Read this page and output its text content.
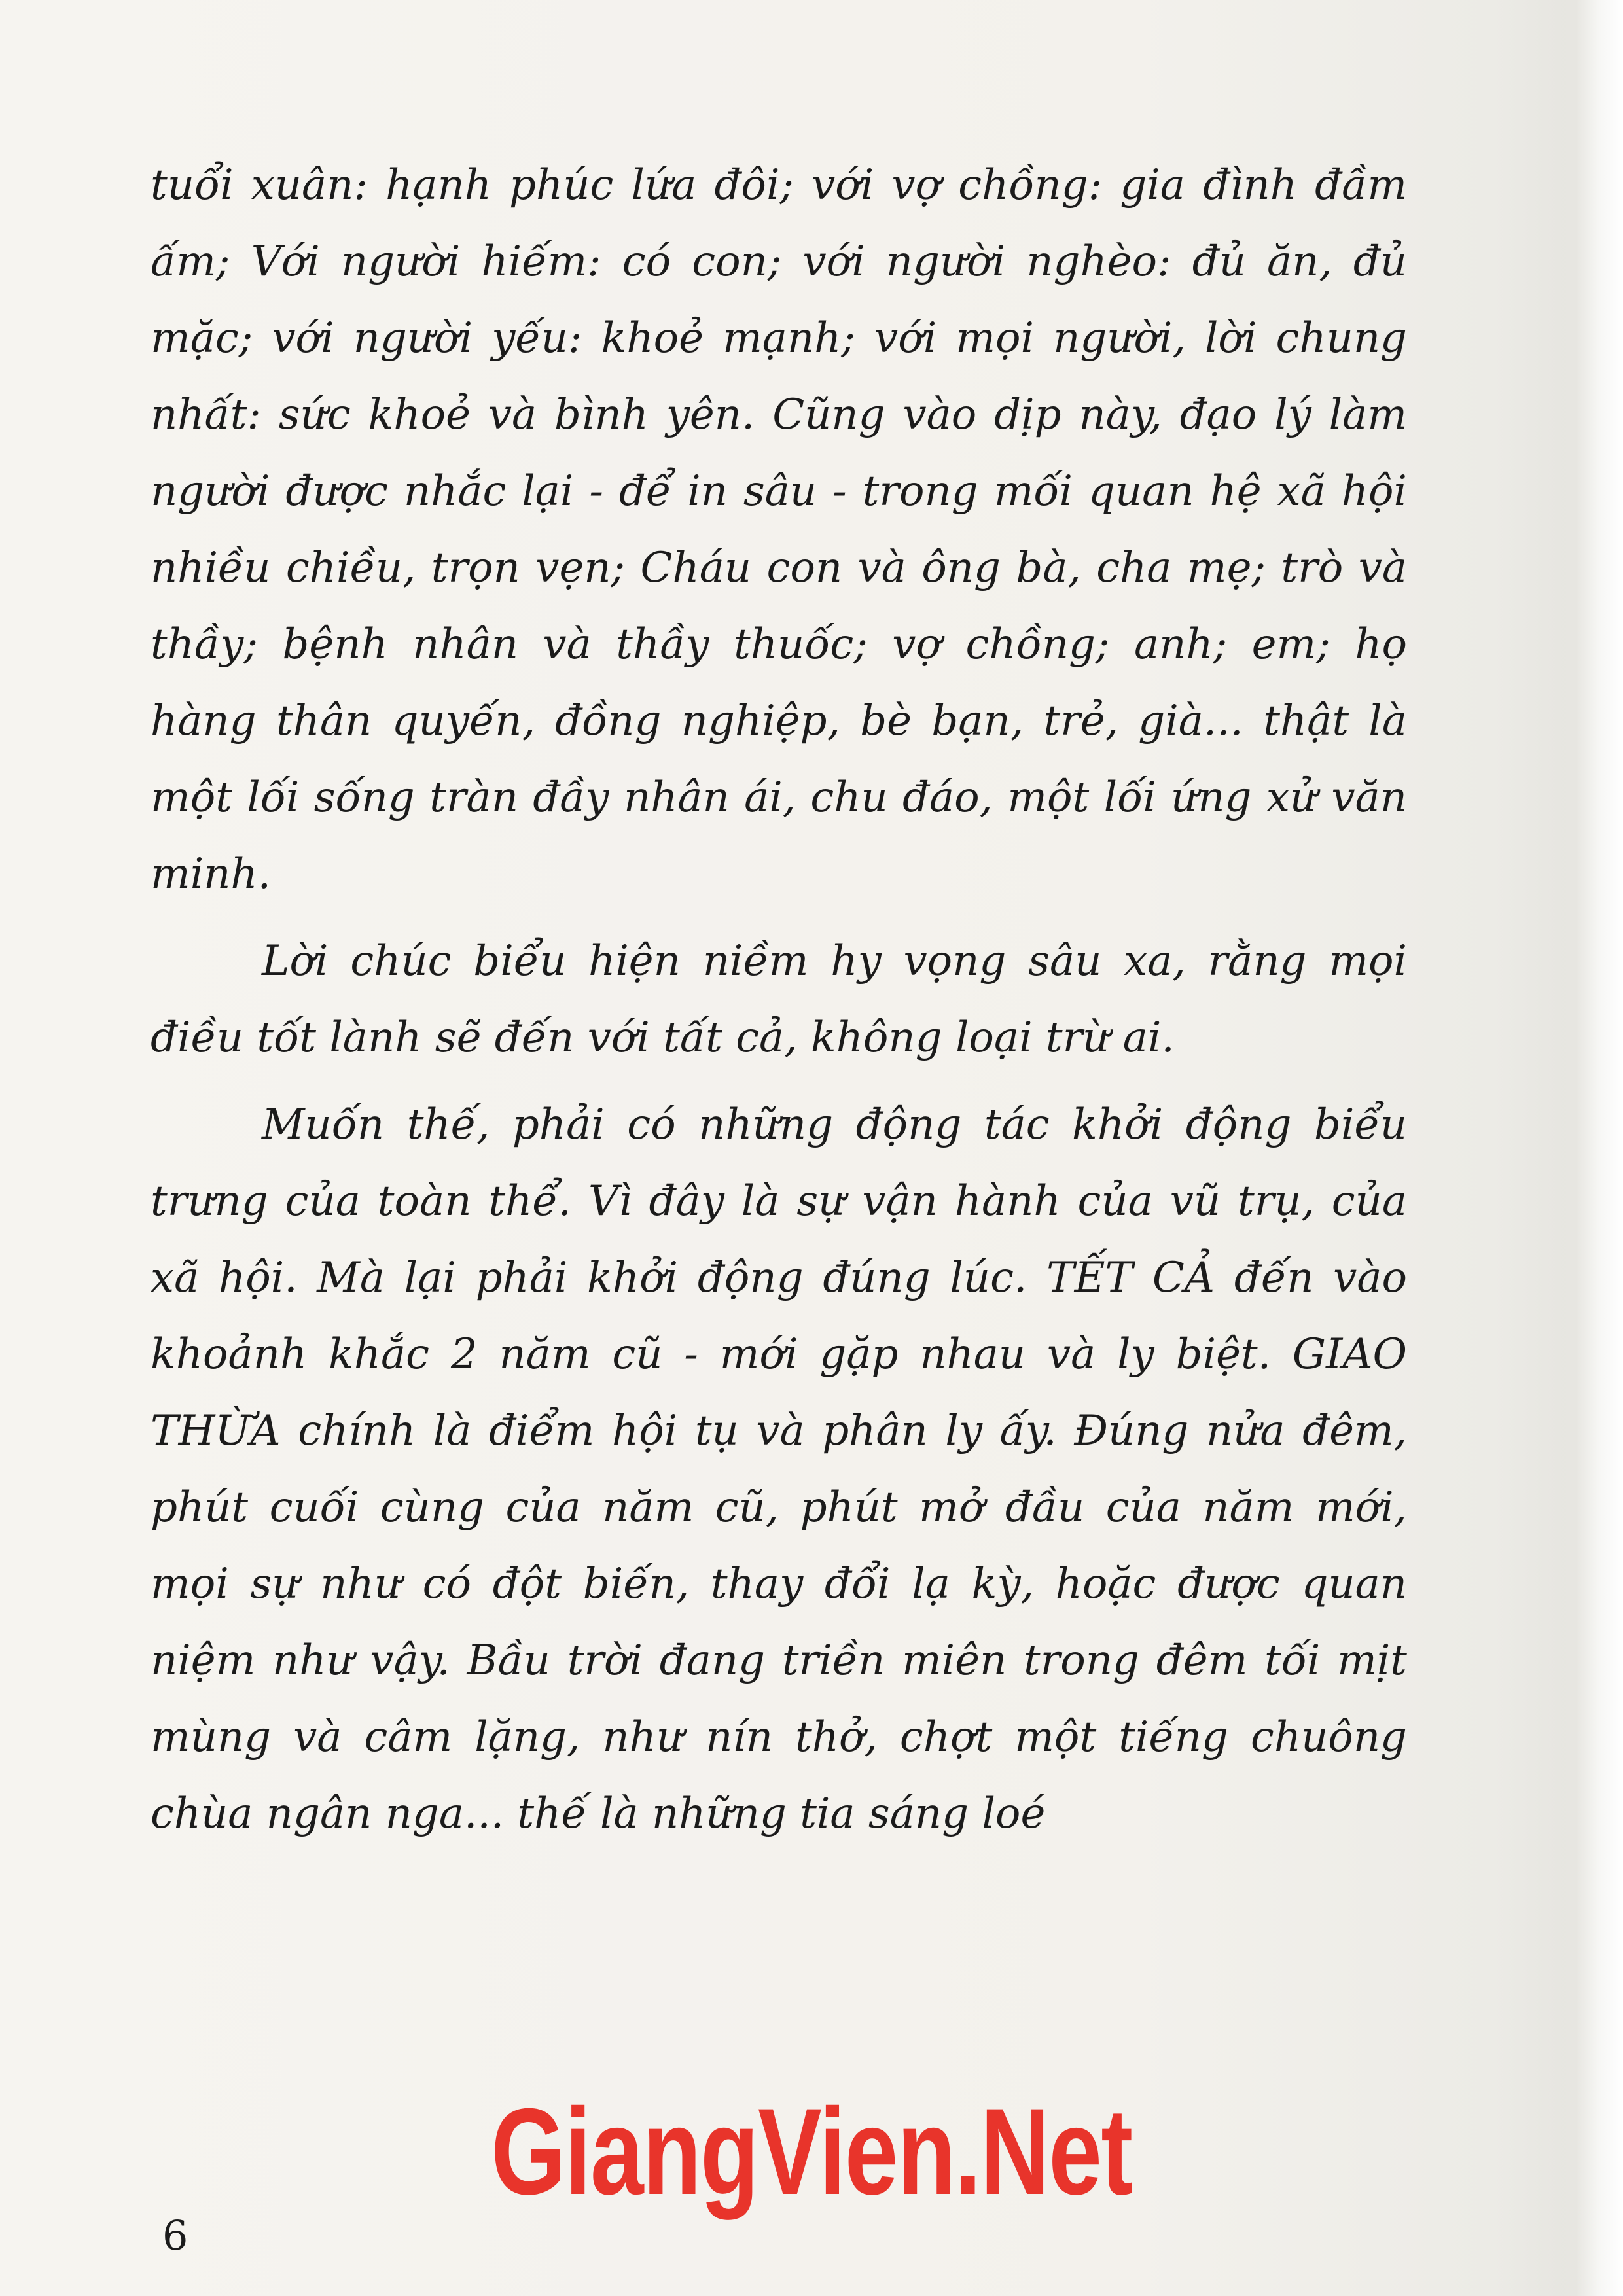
tuổi xuân: hạnh phúc lứa đôi; với vợ chồng: gia đình đầm ấm; Với người hiếm: có con; với người nghèo: đủ ăn, đủ mặc; với người yếu: khoẻ mạnh; với mọi người, lời chung nhất: sức khoẻ và bình yên. Cũng vào dịp này, đạo lý làm người được nhắc lại - để in sâu - trong mối quan hệ xã hội nhiều chiều, trọn vẹn; Cháu con và ông bà, cha mẹ; trò và thầy; bệnh nhân và thầy thuốc; vợ chồng; anh; em; họ hàng thân quyến, đồng nghiệp, bè bạn, trẻ, già... thật là một lối sống tràn đầy nhân ái, chu đáo, một lối ứng xử văn minh.

Lời chúc biểu hiện niềm hy vọng sâu xa, rằng mọi điều tốt lành sẽ đến với tất cả, không loại trừ ai.

Muốn thế, phải có những động tác khởi động biểu trưng của toàn thể. Vì đây là sự vận hành của vũ trụ, của xã hội. Mà lại phải khởi động đúng lúc. TẾT CẢ đến vào khoảnh khắc 2 năm cũ - mới gặp nhau và ly biệt. GIAO THỪA chính là điểm hội tụ và phân ly ấy. Đúng nửa đêm, phút cuối cùng của năm cũ, phút mở đầu của năm mới, mọi sự như có đột biến, thay đổi lạ kỳ, hoặc được quan niệm như vậy. Bầu trời đang triền miên trong đêm tối mịt mùng và câm lặng, như nín thở, chợt một tiếng chuông chùa ngân nga... thế là những tia sáng loé

GiangVien.Net
6
